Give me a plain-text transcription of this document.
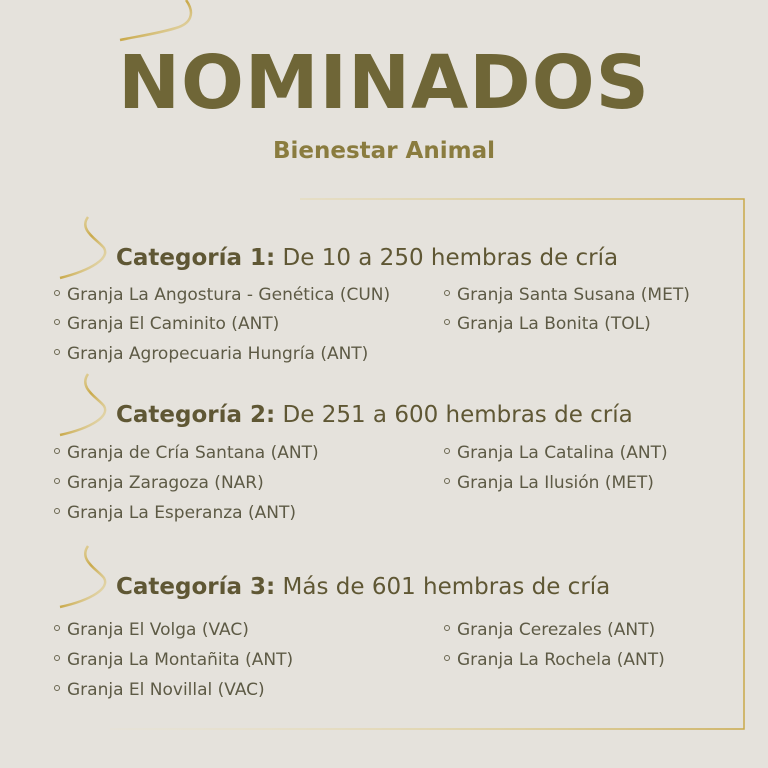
NOMINADOS
Bienestar Animal
Categoría 1: De 10 a 250 hembras de cría
Granja La Angostura - Genética (CUN)
Granja El Caminito (ANT)
Granja Agropecuaria Hungría (ANT)
Granja Santa Susana (MET)
Granja La Bonita (TOL)
Categoría 2: De 251 a 600 hembras de cría
Granja de Cría Santana (ANT)
Granja Zaragoza (NAR)
Granja La Esperanza (ANT)
Granja La Catalina (ANT)
Granja La Ilusión (MET)
Categoría 3: Más de 601 hembras de cría
Granja El Volga (VAC)
Granja La Montañita (ANT)
Granja El Novillal (VAC)
Granja Cerezales (ANT)
Granja La Rochela (ANT)
